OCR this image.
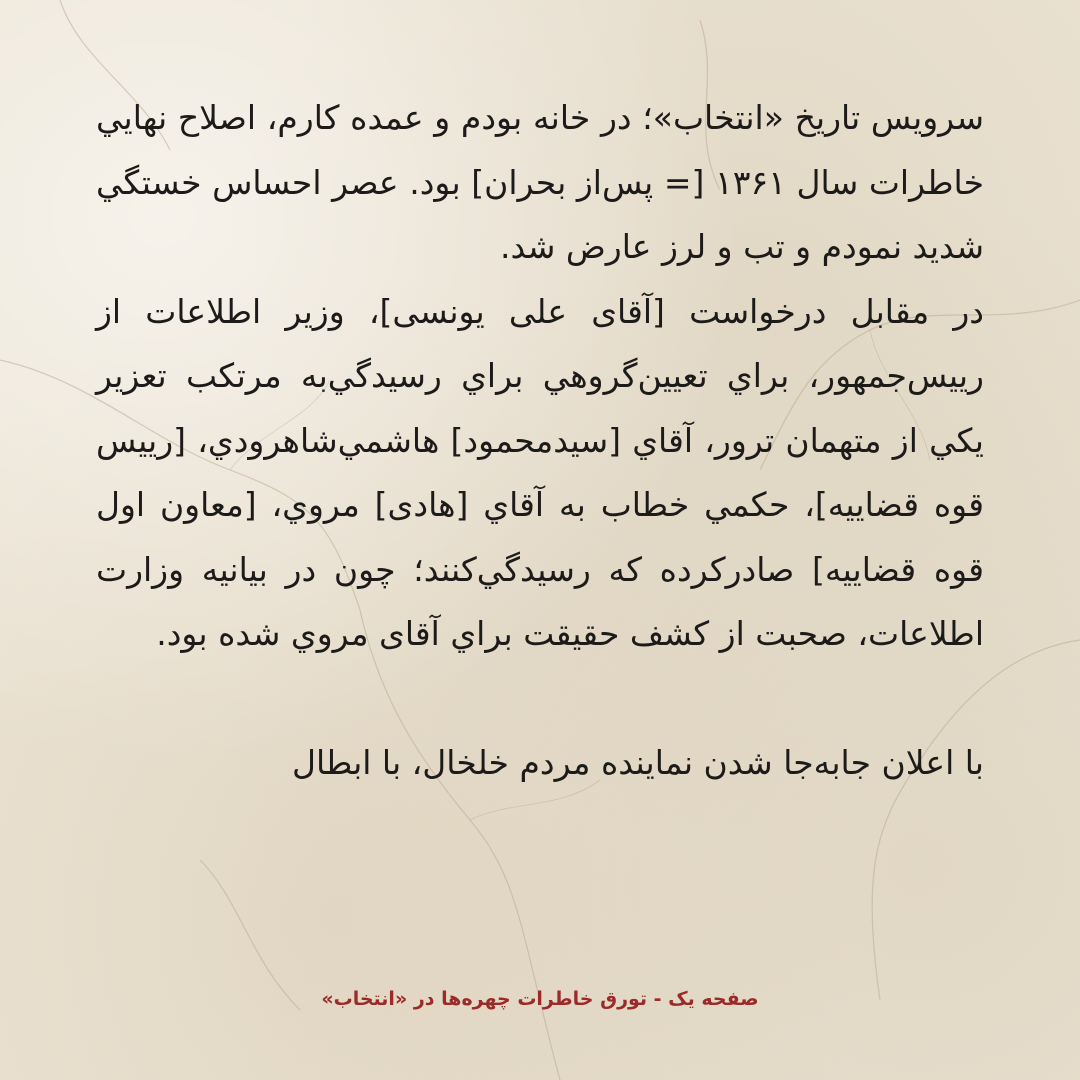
سرویس تاریخ «انتخاب»؛ در خانه بودم و عمده کارم، اصلاح نهایي خاطرات سال ۱۳۶۱ [= پس‌از بحران] بود. عصر احساس خستگي شديد نمودم و تب و لرز عارض شد.

در مقابل درخواست [آقای علی یونسی]، وزير اطلاعات از رييس‌جمهور، براي تعيين‌گروهي براي رسيدگي‌به مرتکب تعزير يکي از متهمان ترور، آقاي [سيدمحمود] هاشمي‌شاهرودي، [رییس قوه قضاییه]، حکمي خطاب به آقاي [هادی] مروي، [معاون اول قوه قضاییه] صادرکرده که رسيدگي‌کنند؛ چون در بيانيه وزارت اطلاعات، صحبت از کشف حقيقت براي آقای مروي شده بود.

با اعلان جابه‌جا شدن نماينده مردم خلخال، با ابطال

صفحه یک - تورق خاطرات چهره‌ها در «انتخاب»
